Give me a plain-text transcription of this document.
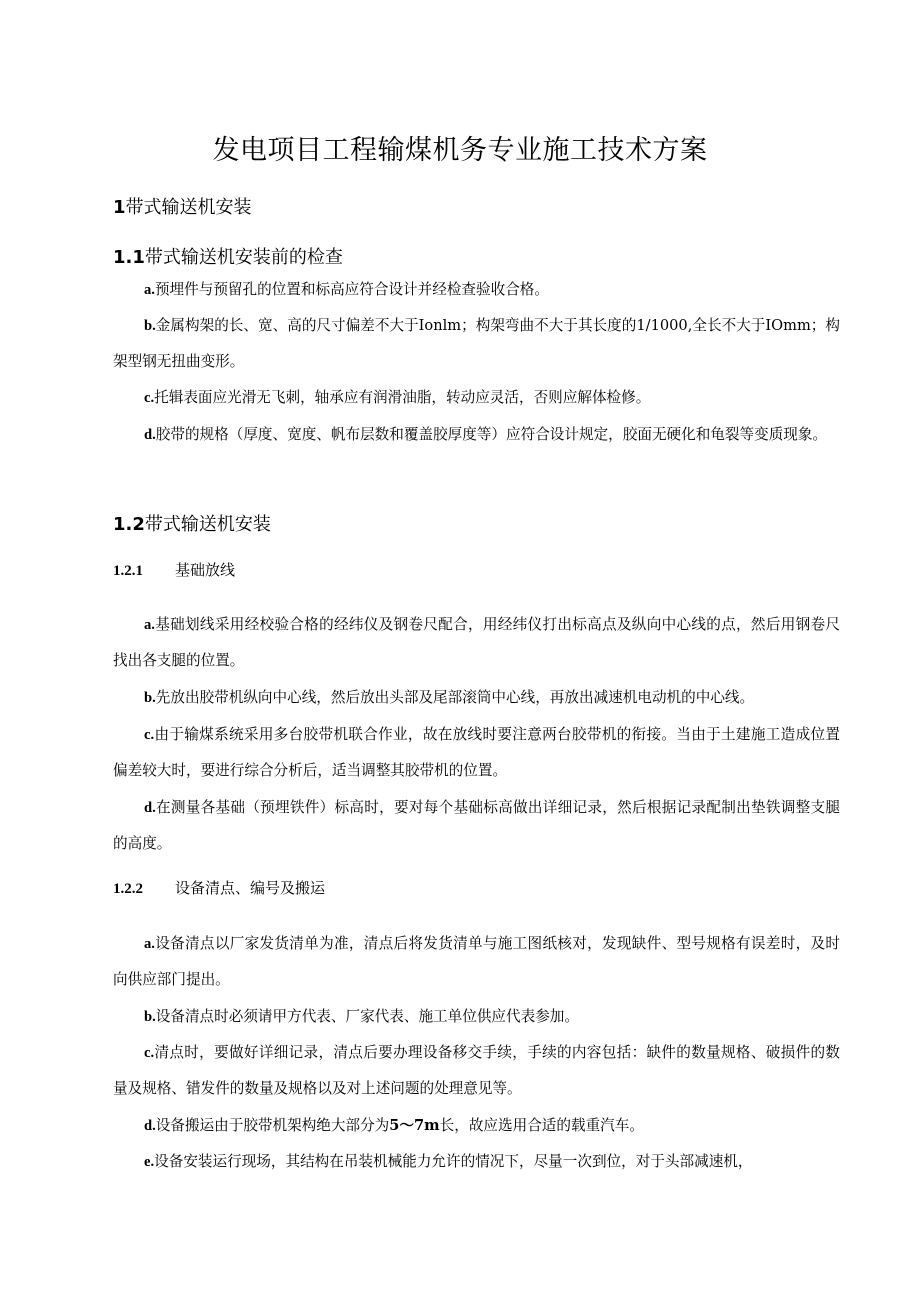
发电项目工程输煤机务专业施工技术方案
1带式输送机安装
1.1带式输送机安装前的检查

a.预埋件与预留孔的位置和标高应符合设计并经检查验收合格。

b.金属构架的长、宽、高的尺寸偏差不大于Ionlm；构架弯曲不大于其长度的1/1000,全长不大于IOmm；构架型钢无扭曲变形。

c.托辑表面应光滑无飞刺，轴承应有润滑油脂，转动应灵活，否则应解体检修。

d.胶带的规格（厚度、宽度、帆布层数和覆盖胶厚度等）应符合设计规定，胶面无硬化和龟裂等变质现象。

1.2带式输送机安装
1.2.1 基础放线

a.基础划线采用经校验合格的经纬仪及钢卷尺配合，用经纬仪打出标高点及纵向中心线的点，然后用钢卷尺找出各支腿的位置。

b.先放出胶带机纵向中心线，然后放出头部及尾部滚筒中心线，再放出减速机电动机的中心线。

c.由于输煤系统采用多台胶带机联合作业，故在放线时要注意两台胶带机的衔接。当由于土建施工造成位置偏差较大时，要进行综合分析后，适当调整其胶带机的位置。

d.在测量各基础（预埋铁件）标高时，要对每个基础标高做出详细记录，然后根据记录配制出垫铁调整支腿的高度。

1.2.2 设备清点、编号及搬运

a.设备清点以厂家发货清单为准，清点后将发货清单与施工图纸核对，发现缺件、型号规格有误差时，及时向供应部门提出。

b.设备清点时必须请甲方代表、厂家代表、施工单位供应代表参加。

c.清点时，要做好详细记录，清点后要办理设备移交手续，手续的内容包括：缺件的数量规格、破损件的数量及规格、错发件的数量及规格以及对上述问题的处理意见等。

d.设备搬运由于胶带机架构绝大部分为5～7m长，故应选用合适的载重汽车。

e.设备安装运行现场，其结构在吊装机械能力允许的情况下，尽量一次到位，对于头部减速机，
